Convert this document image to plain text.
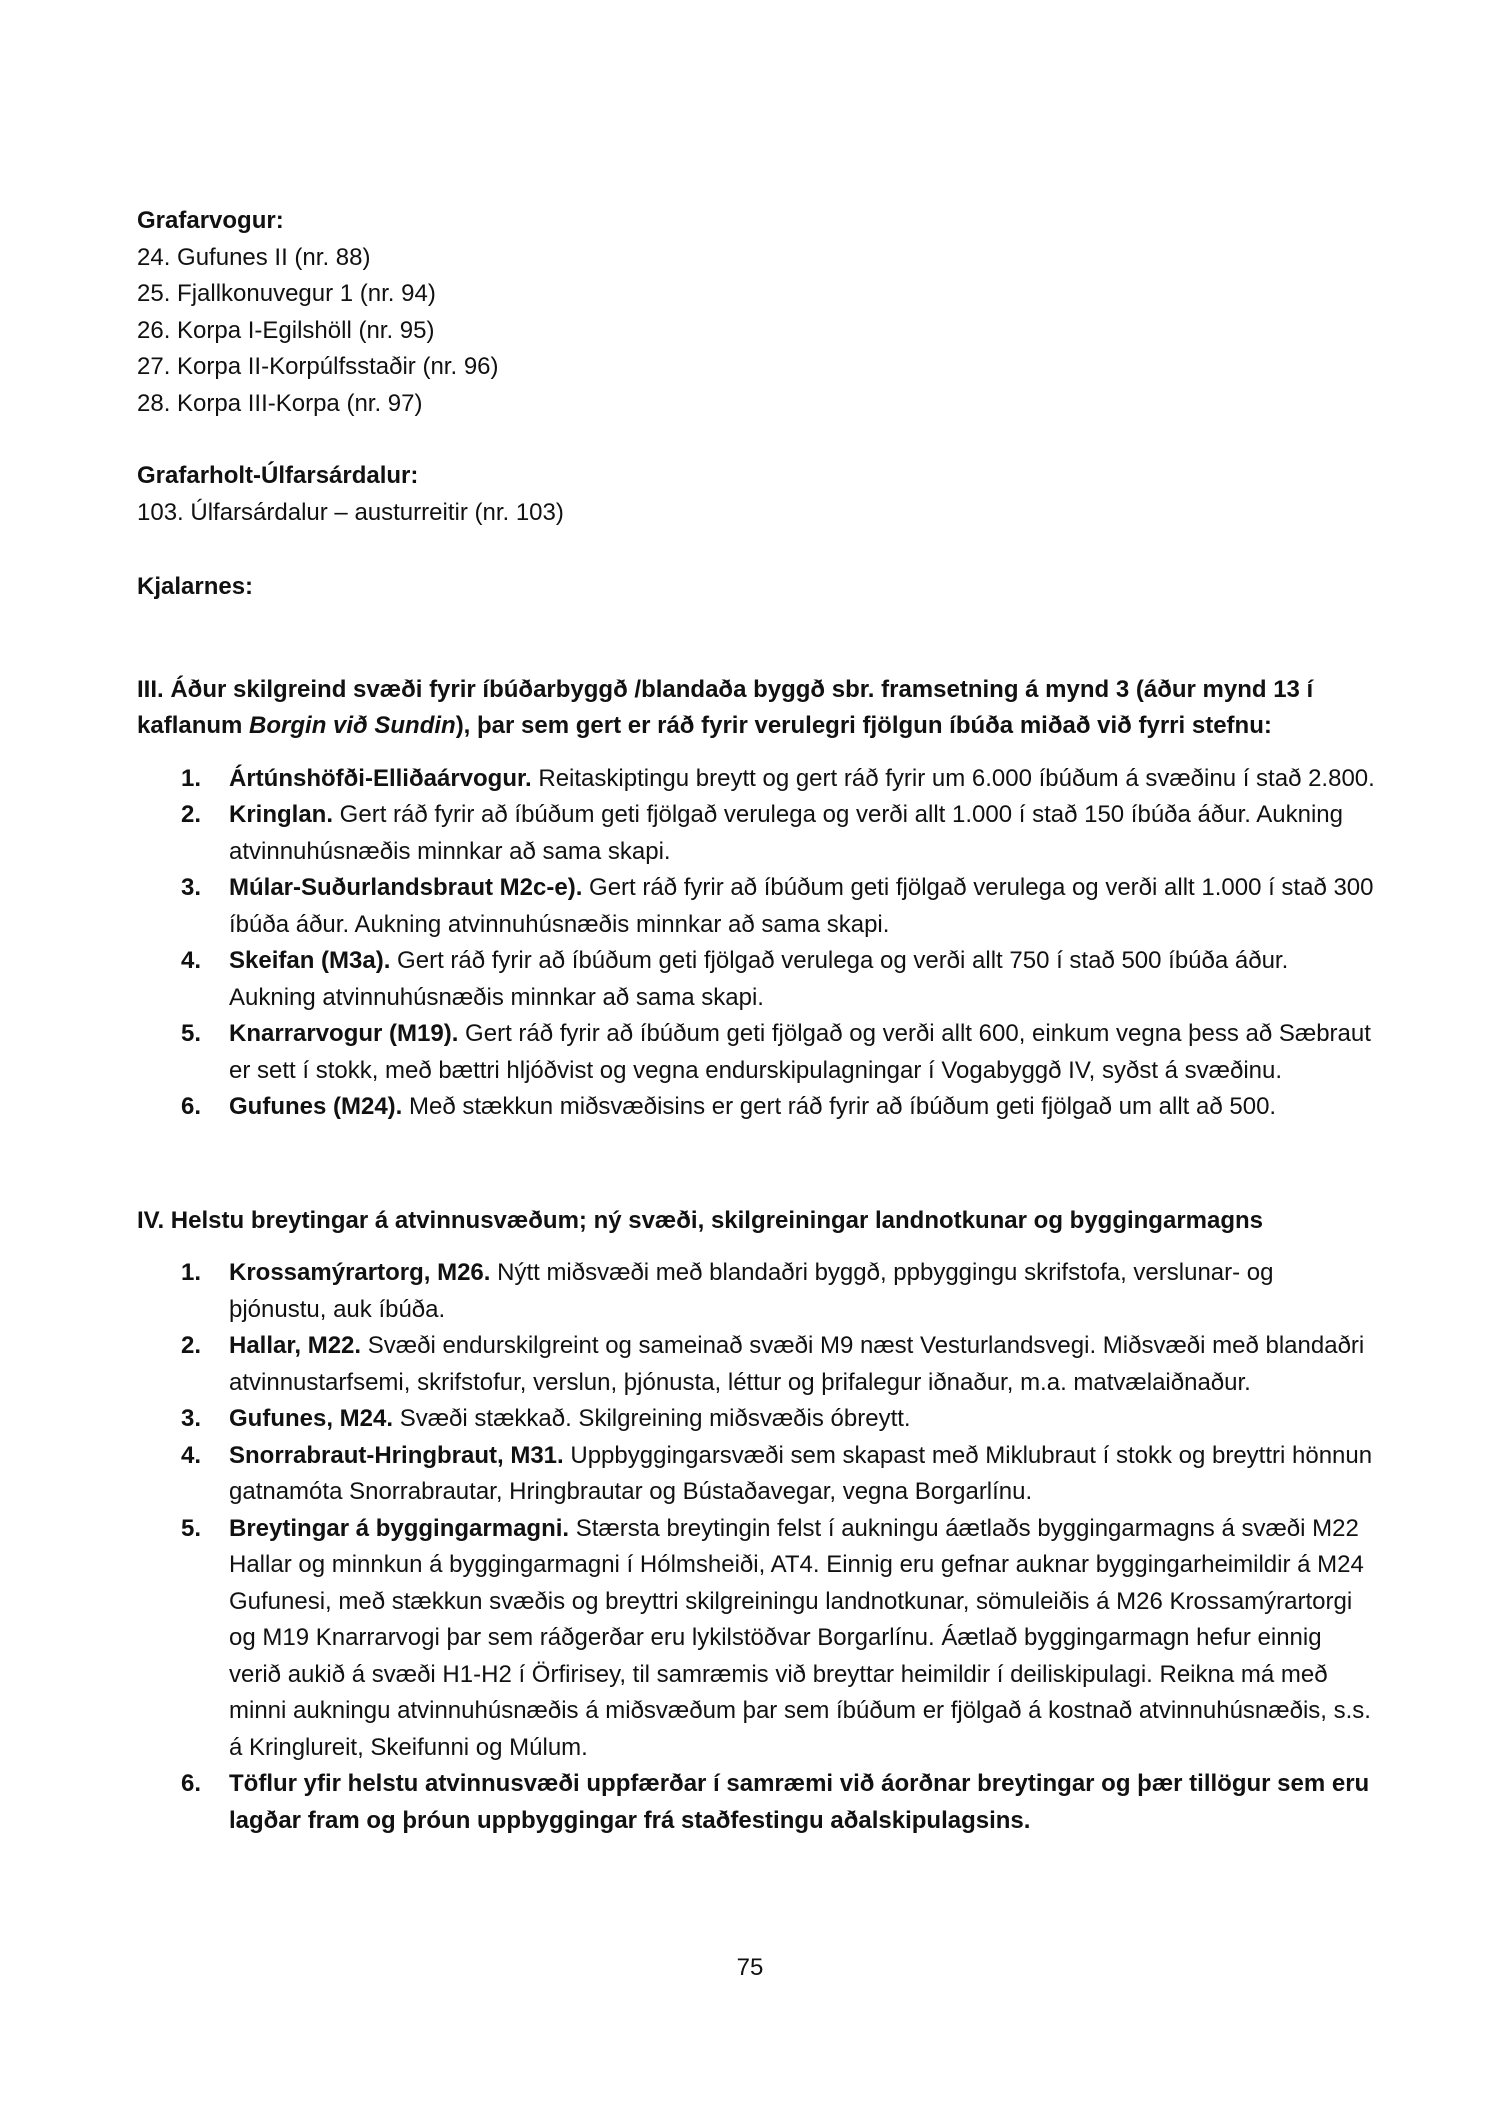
Grafarvogur:
24. Gufunes II (nr. 88)
25. Fjallkonuvegur 1 (nr. 94)
26. Korpa I-Egilshöll (nr. 95)
27. Korpa II-Korpúlfsstaðir (nr. 96)
28. Korpa III-Korpa (nr. 97)
Grafarholt-Úlfarsárdalur:
103. Úlfarsárdalur – austurreitir (nr. 103)
Kjalarnes:
III. Áður skilgreind svæði fyrir íbúðarbyggð /blandaða byggð sbr. framsetning á mynd 3 (áður mynd 13 í kaflanum Borgin við Sundin), þar sem gert er ráð fyrir verulegri fjölgun íbúða miðað við fyrri stefnu:
1. Ártúnshöfði-Elliðaárvogur. Reitaskiptingu breytt og gert ráð fyrir um 6.000 íbúðum á svæðinu í stað 2.800.
2. Kringlan. Gert ráð fyrir að íbúðum geti fjölgað verulega og verði allt 1.000 í stað 150 íbúða áður. Aukning atvinnuhúsnæðis minnkar að sama skapi.
3. Múlar-Suðurlandsbraut M2c-e). Gert ráð fyrir að íbúðum geti fjölgað verulega og verði allt 1.000 í stað 300 íbúða áður. Aukning atvinnuhúsnæðis minnkar að sama skapi.
4. Skeifan (M3a). Gert ráð fyrir að íbúðum geti fjölgað verulega og verði allt 750 í stað 500 íbúða áður. Aukning atvinnuhúsnæðis minnkar að sama skapi.
5. Knarrarvogur (M19). Gert ráð fyrir að íbúðum geti fjölgað og verði allt 600, einkum vegna þess að Sæbraut er sett í stokk, með bættri hljóðvist og vegna endurskipulagningar í Vogabyggð IV, syðst á svæðinu.
6. Gufunes (M24). Með stækkun miðsvæðisins er gert ráð fyrir að íbúðum geti fjölgað um allt að 500.
IV. Helstu breytingar á atvinnusvæðum; ný svæði, skilgreiningar landnotkunar og byggingarmagns
1. Krossamýrartorg, M26. Nýtt miðsvæði með blandaðri byggð, ppbyggingu skrifstofa, verslunar- og þjónustu, auk íbúða.
2. Hallar, M22. Svæði endurskilgreint og sameinað svæði M9 næst Vesturlandsvegi. Miðsvæði með blandaðri atvinnustarfsemi, skrifstofur, verslun, þjónusta, léttur og þrifalegur iðnaður, m.a. matvælaiðnaður.
3. Gufunes, M24. Svæði stækkað. Skilgreining miðsvæðis óbreytt.
4. Snorrabraut-Hringbraut, M31. Uppbyggingarsvæði sem skapast með Miklubraut í stokk og breyttri hönnun gatnamóta Snorrabrautar, Hringbrautar og Bústaðavegar, vegna Borgarlínu.
5. Breytingar á byggingarmagni. Stærsta breytingin felst í aukningu áætlaðs byggingarmagns á svæði M22 Hallar og minnkun á byggingarmagni í Hólmsheiði, AT4. Einnig eru gefnar auknar byggingarheimildir á M24 Gufunesi, með stækkun svæðis og breyttri skilgreiningu landnotkunar, sömuleiðis á M26 Krossamýrartorgi og M19 Knarrarvogi þar sem ráðgerðar eru lykilstöðvar Borgarlínu. Áætlað byggingarmagn hefur einnig verið aukið á svæði H1-H2 í Örfirisey, til samræmis við breyttar heimildir í deiliskipulagi. Reikna má með minni aukningu atvinnuhúsnæðis á miðsvæðum þar sem íbúðum er fjölgað á kostnað atvinnuhúsnæðis, s.s. á Kringlureit, Skeifunni og Múlum.
6. Töflur yfir helstu atvinnusvæði uppfærðar í samræmi við áorðnar breytingar og þær tillögur sem eru lagðar fram og þróun uppbyggingar frá staðfestingu aðalskipulagsins.
75
